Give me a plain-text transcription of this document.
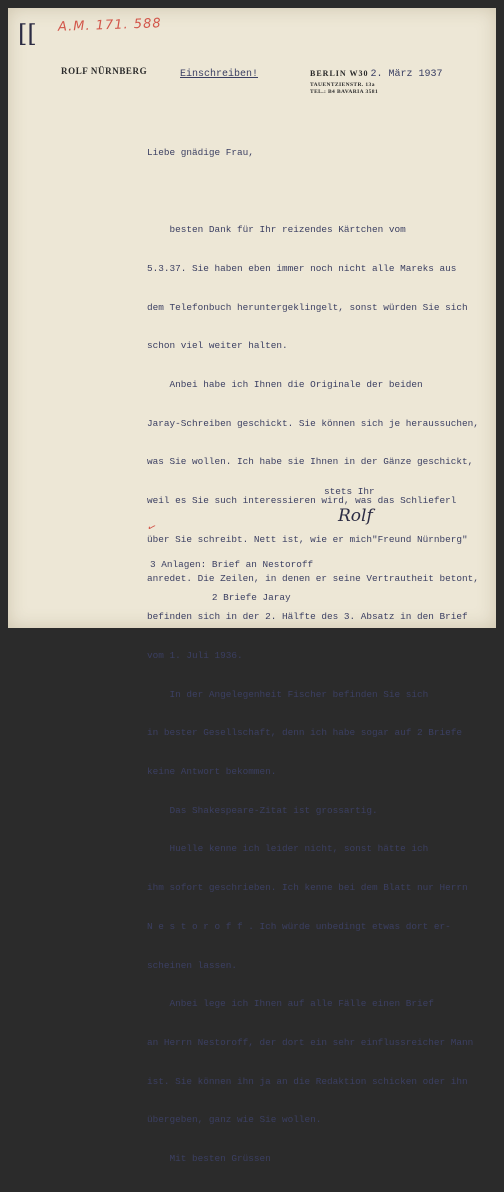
[[ A.M. 171. 588
ROLF NÜRNBERG	Einschreiben!	BERLIN W30 2. März 1937
TAUENTZIENSTR. 13a
TEL.: B4 BAVARIA 3581

Liebe gnädige Frau,

besten Dank für Ihr reizendes Kärtchen vom

5.3.37. Sie haben eben immer noch nicht alle Mareks aus

dem Telefonbuch heruntergeklingelt, sonst würden Sie sich

schon viel weiter halten.

Anbei habe ich Ihnen die Originale der beiden

Jaray-Schreiben geschickt. Sie können sich je heraussuchen,

was Sie wollen. Ich habe sie Ihnen in der Gänze geschickt,

weil es Sie such interessieren wird, was das Schlieferl

über Sie schreibt. Nett ist, wie er mich"Freund Nürnberg"

anredet. Die Zeilen, in denen er seine Vertrautheit betont,

befinden sich in der 2. Hälfte des 3. Absatz in den Brief

vom 1. Juli 1936.

In der Angelegenheit Fischer befinden Sie sich

in bester Gesellschaft, denn ich habe sogar auf 2 Briefe

keine Antwort bekommen.

Das Shakespeare-Zitat ist grossartig.

Huelle kenne ich leider nicht, sonst hätte ich

ihm sofort geschrieben. Ich kenne bei dem Blatt nur Herrn

N e s t o r o f f . Ich würde unbedingt etwas dort er-

scheinen lassen.

Anbei lege ich Ihnen auf alle Fälle einen Brief

an Herrn Nestoroff, der dort ein sehr einflussreicher Mann

ist. Sie können ihn ja an die Redaktion schicken oder ihn

übergeben, ganz wie Sie wollen.

Mit besten Grüssen

stets Ihr
Rolf
✓

3 Anlagen: Brief an Nestoroff

2 Briefe Jaray
